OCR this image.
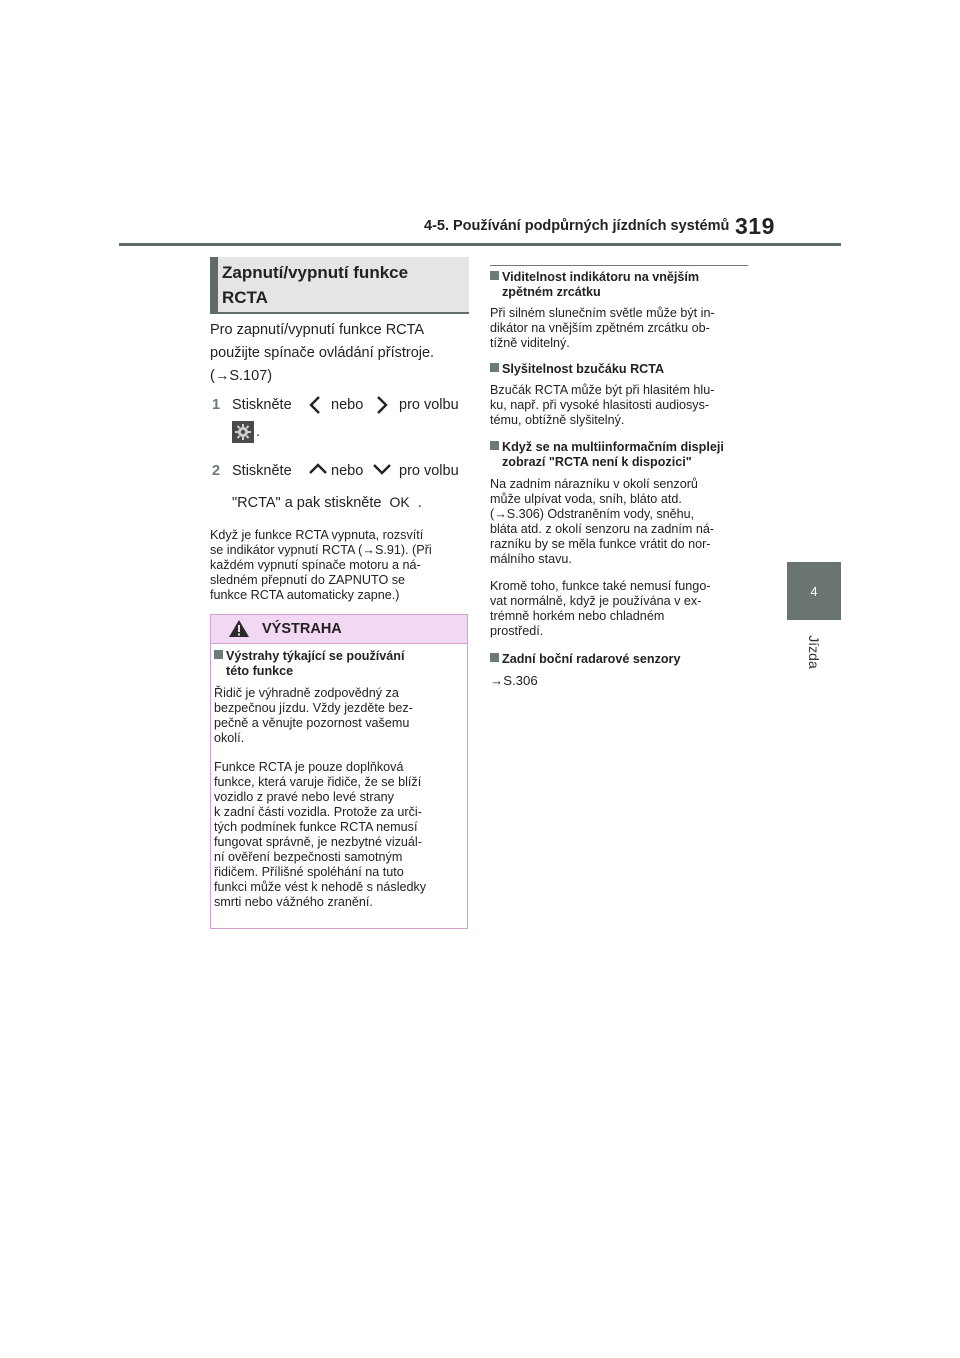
4-5. Používání podpůrných jízdních systémů 319
4
Jízda
Zapnutí/vypnutí funkce
RCTA
Pro zapnutí/vypnutí funkce RCTA
použijte spínače ovládání přístroje.
(→S.107)
1 Stiskněte	nebo pro volbu
.
2 Stiskněte	nebo pro volbu
"RCTA" a pak stiskněte OK .
Když je funkce RCTA vypnuta, rozsvítí
se indikátor vypnutí RCTA (→S.91). (Při
každém vypnutí spínače motoru a ná-
sledném přepnutí do ZAPNUTO se
funkce RCTA automaticky zapne.)
VÝSTRAHA
Výstrahy týkající se používání
této funkce
Řidič je výhradně zodpovědný za
bezpečnou jízdu. Vždy jezděte bez-
pečně a věnujte pozornost vašemu
okolí.
Funkce RCTA je pouze doplňková
funkce, která varuje řidiče, že se blíží
vozidlo z pravé nebo levé strany
k zadní části vozidla. Protože za urči-
tých podmínek funkce RCTA nemusí
fungovat správně, je nezbytné vizuál-
ní ověření bezpečnosti samotným
řidičem. Přílišné spoléhání na tuto
funkci může vést k nehodě s následky
smrti nebo vážného zranění.
Viditelnost indikátoru na vnějším
zpětném zrcátku
Při silném slunečním světle může být in-
dikátor na vnějším zpětném zrcátku ob-
tížně viditelný.
Slyšitelnost bzučáku RCTA
Bzučák RCTA může být při hlasitém hlu-
ku, např. při vysoké hlasitosti audiosys-
tému, obtížně slyšitelný.
Když se na multiinformačním displeji
zobrazí "RCTA není k dispozici"
Na zadním nárazníku v okolí senzorů
může ulpívat voda, sníh, bláto atd.
(→S.306) Odstraněním vody, sněhu,
bláta atd. z okolí senzoru na zadním ná-
razníku by se měla funkce vrátit do nor-
málního stavu.
Kromě toho, funkce také nemusí fungo-
vat normálně, když je používána v ex-
trémně horkém nebo chladném
prostředí.
Zadní boční radarové senzory
→S.306
